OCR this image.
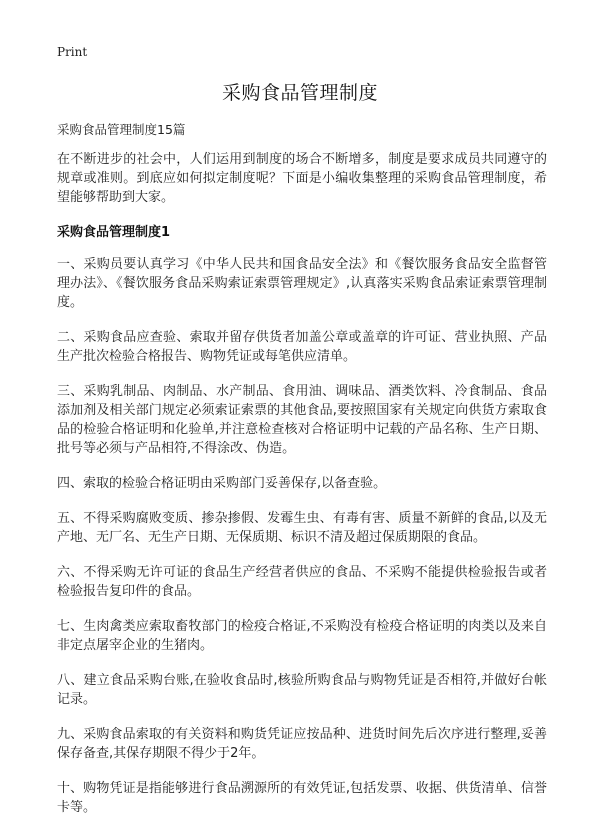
Print
采购食品管理制度
采购食品管理制度15篇

在不断进步的社会中，人们运用到制度的场合不断增多，制度是要求成员共同遵守的规章或准则。到底应如何拟定制度呢？下面是小编收集整理的采购食品管理制度，希望能够帮助到大家。

采购食品管理制度1

一、采购员要认真学习《中华人民共和国食品安全法》和《餐饮服务食品安全监督管理办法》、《餐饮服务食品采购索证索票管理规定》,认真落实采购食品索证索票管理制度。

二、采购食品应查验、索取并留存供货者加盖公章或盖章的许可证、营业执照、产品生产批次检验合格报告、购物凭证或每笔供应清单。

三、采购乳制品、肉制品、水产制品、食用油、调味品、酒类饮料、冷食制品、食品添加剂及相关部门规定必须索证索票的其他食品,要按照国家有关规定向供货方索取食品的检验合格证明和化验单,并注意检查核对合格证明中记载的产品名称、生产日期、批号等必须与产品相符,不得涂改、伪造。

四、索取的检验合格证明由采购部门妥善保存,以备查验。

五、不得采购腐败变质、掺杂掺假、发霉生虫、有毒有害、质量不新鲜的食品,以及无产地、无厂名、无生产日期、无保质期、标识不清及超过保质期限的食品。

六、不得采购无许可证的食品生产经营者供应的食品、不采购不能提供检验报告或者检验报告复印件的食品。

七、生肉禽类应索取畜牧部门的检疫合格证,不采购没有检疫合格证明的肉类以及来自非定点屠宰企业的生猪肉。

八、建立食品采购台账,在验收食品时,核验所购食品与购物凭证是否相符,并做好台帐记录。

九、采购食品索取的有关资料和购货凭证应按品种、进货时间先后次序进行整理,妥善保存备查,其保存期限不得少于2年。

十、购物凭证是指能够进行食品溯源所的有效凭证,包括发票、收据、供货清单、信誉卡等。
